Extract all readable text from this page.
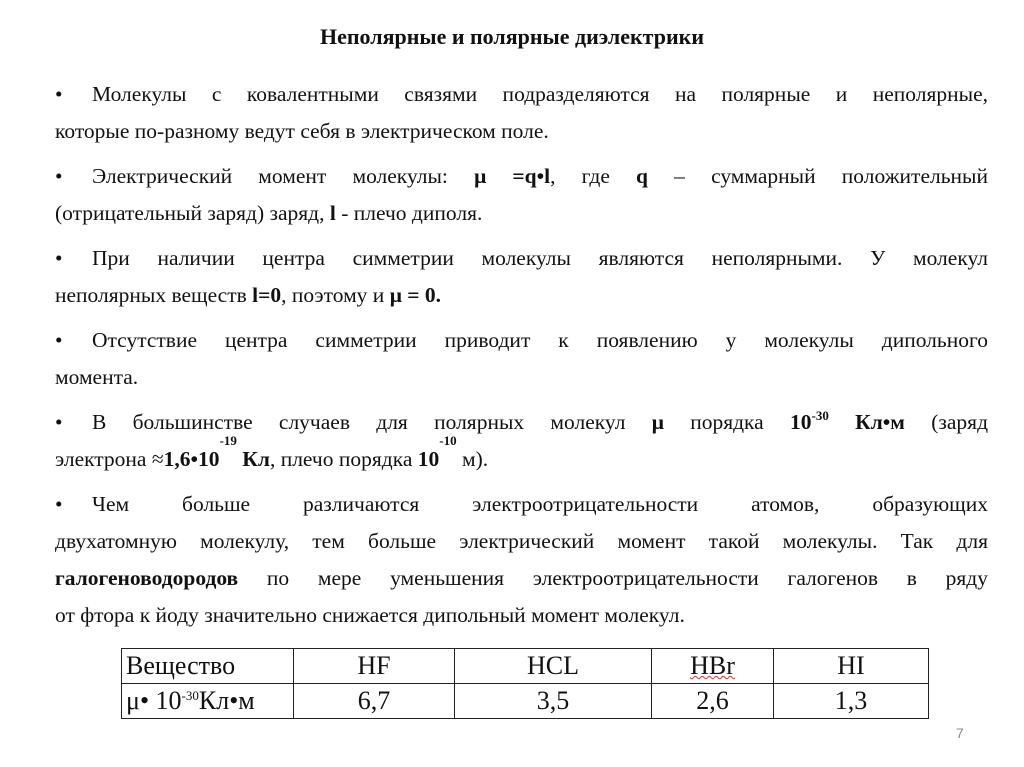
Неполярные и полярные диэлектрики
• Молекулы с ковалентными связями подразделяются на полярные и неполярные,
которые по-разному ведут себя в электрическом поле.
• Электрический момент молекулы: μ =q•l, где q – суммарный положительный
(отрицательный заряд) заряд, l - плечо диполя.
• При наличии центра симметрии молекулы являются неполярными. У молекул
неполярных веществ l=0 , поэтому и μ = 0.
• Отсутствие центра симметрии приводит к появлению у молекулы дипольного
момента.
• В большинстве случаев для полярных молекул μ порядка $10^{-30}$ Кл•м (заряд
электрона ≈ 1,6•10
-19
Кл , плечо порядка 10
-10
м).
• Чем больше различаются электроотрицательности атомов, образующих
двухатомную молекулу, тем больше электрический момент такой молекулы. Так для
галогеноводородов по мере уменьшения электроотрицательности галогенов в ряду
от фтора к йоду значительно снижается дипольный момент молекул.
Вещество	HF	HCL	HBr	HI
μ• $10^{-30}Кл•м$	6,7	3,5	2,6	1,3
7
